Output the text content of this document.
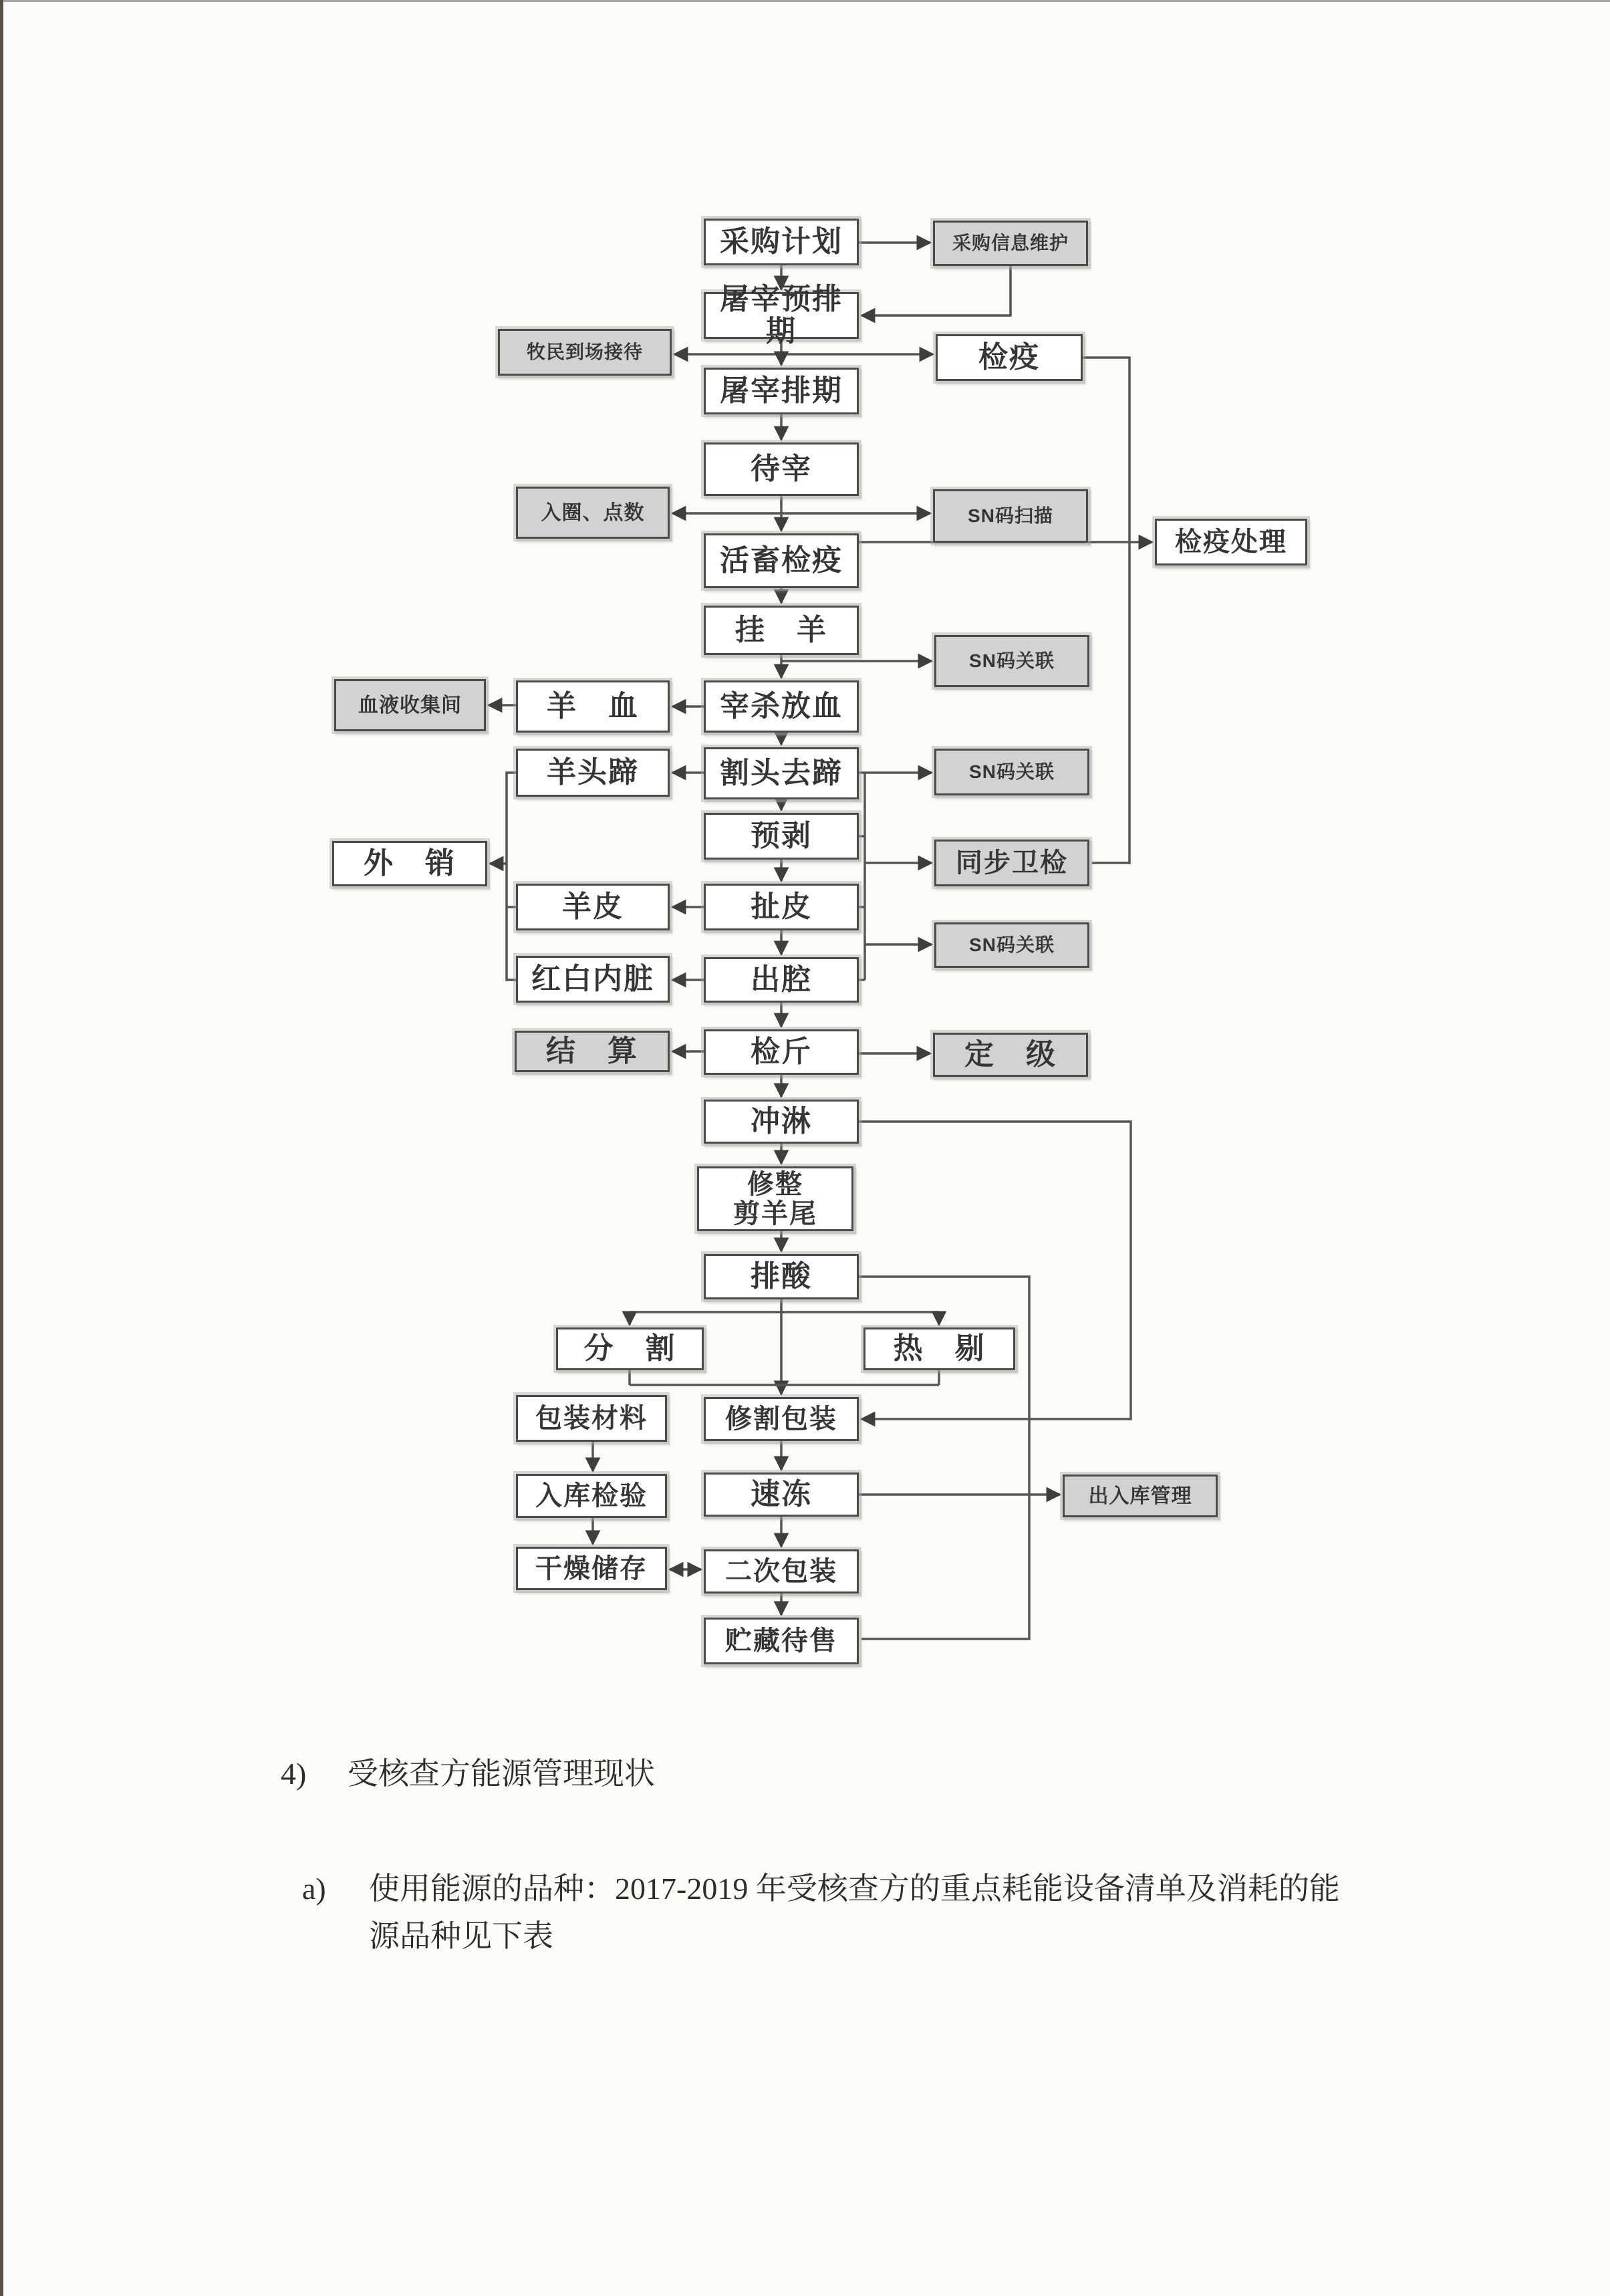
采购计划	采购信息维护
屠宰预排期
牧民到场接待	检疫
屠宰排期
待宰
入圈、点数	SN码扫描
活畜检疫
检疫处理
挂　羊
SN码关联
宰杀放血
羊　血
血液收集间
羊头蹄	割头去蹄	SN码关联
预剥
外　销	同步卫检
羊皮	扯皮
SN码关联
红白内脏	出腔
结　算	检斤	定　级
冲淋
修整
剪羊尾
排酸
分　割	热　剔
包装材料	修割包装
入库检验	速冻	出入库管理
干燥储存	二次包装
贮藏待售
4)	受核查方能源管理现状
a)	使用能源的品种：2017-2019 年受核查方的重点耗能设备清单及消耗的能
源品种见下表
